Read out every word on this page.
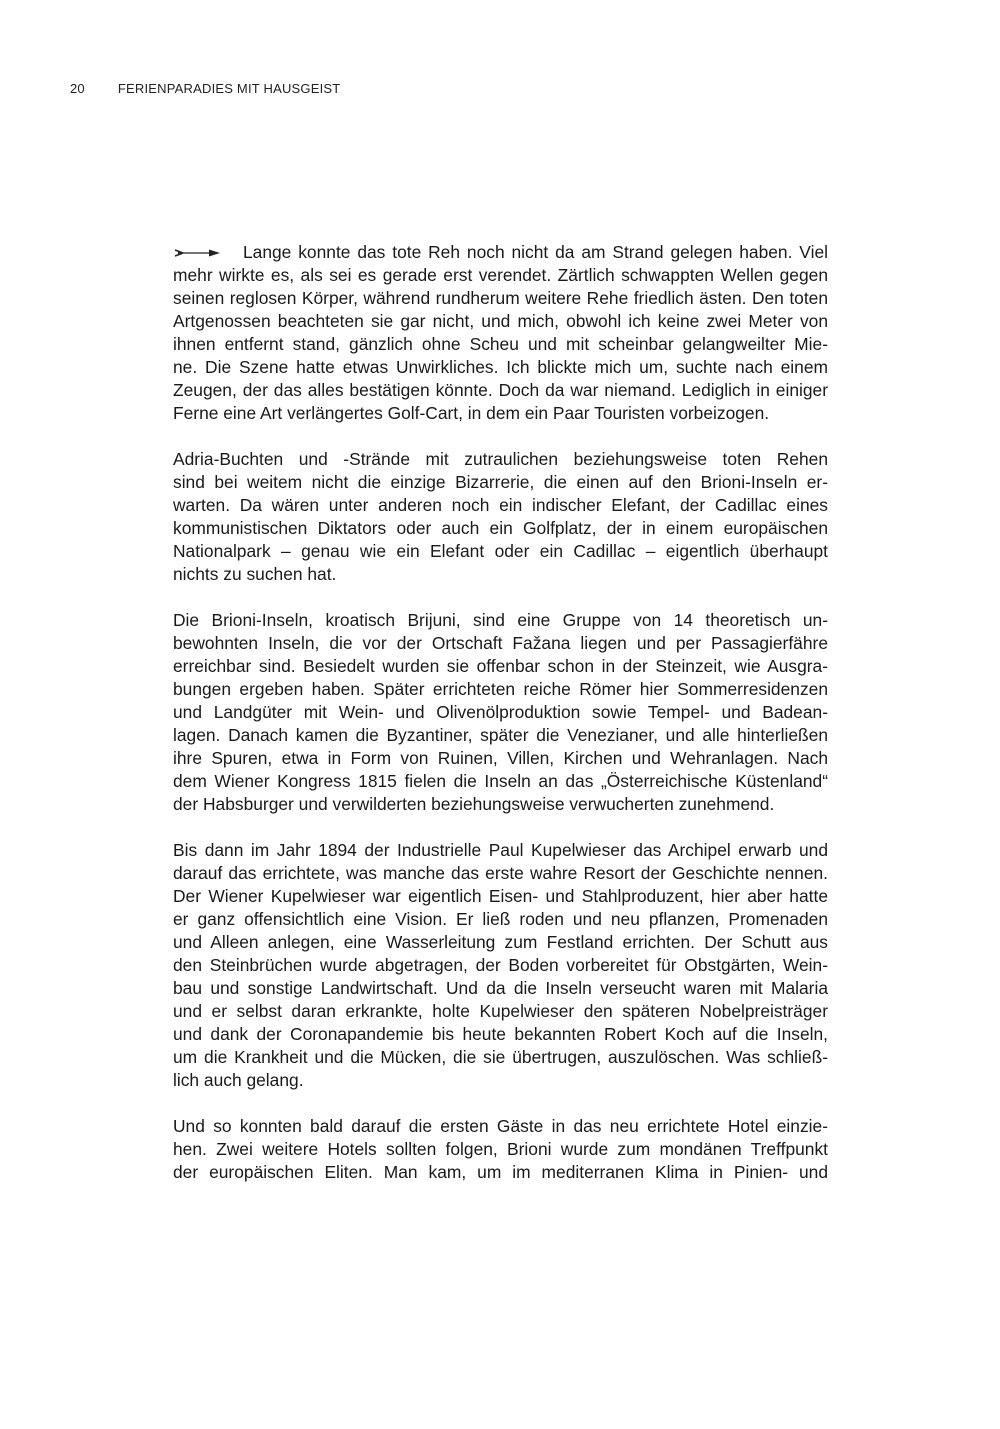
20	FERIENPARADIES MIT HAUSGEIST
Lange konnte das tote Reh noch nicht da am Strand gelegen haben. Viel
mehr wirkte es, als sei es gerade erst verendet. Zärtlich schwappten Wellen gegen
seinen reglosen Körper, während rundherum weitere Rehe friedlich ästen. Den toten
Artgenossen beachteten sie gar nicht, und mich, obwohl ich keine zwei Meter von
ihnen entfernt stand, gänzlich ohne Scheu und mit scheinbar gelangweilter Mie-
ne. Die Szene hatte etwas Unwirkliches. Ich blickte mich um, suchte nach einem
Zeugen, der das alles bestätigen könnte. Doch da war niemand. Lediglich in einiger
Ferne eine Art verlängertes Golf-Cart, in dem ein Paar Touristen vorbeizogen.
Adria-Buchten und -Strände mit zutraulichen beziehungsweise toten Rehen
sind bei weitem nicht die einzige Bizarrerie, die einen auf den Brioni-Inseln er-
warten. Da wären unter anderen noch ein indischer Elefant, der Cadillac eines
kommunistischen Diktators oder auch ein Golfplatz, der in einem europäischen
Nationalpark – genau wie ein Elefant oder ein Cadillac – eigentlich überhaupt
nichts zu suchen hat.
Die Brioni-Inseln, kroatisch Brijuni, sind eine Gruppe von 14 theoretisch un-
bewohnten Inseln, die vor der Ortschaft Fažana liegen und per Passagierfähre
erreichbar sind. Besiedelt wurden sie offenbar schon in der Steinzeit, wie Ausgra-
bungen ergeben haben. Später errichteten reiche Römer hier Sommerresidenzen
und Landgüter mit Wein- und Olivenölproduktion sowie Tempel- und Badean-
lagen. Danach kamen die Byzantiner, später die Venezianer, und alle hinterließen
ihre Spuren, etwa in Form von Ruinen, Villen, Kirchen und Wehranlagen. Nach
dem Wiener Kongress 1815 fielen die Inseln an das „Österreichische Küstenland“
der Habsburger und verwilderten beziehungsweise verwucherten zunehmend.
Bis dann im Jahr 1894 der Industrielle Paul Kupelwieser das Archipel erwarb und
darauf das errichtete, was manche das erste wahre Resort der Geschichte nennen.
Der Wiener Kupelwieser war eigentlich Eisen- und Stahlproduzent, hier aber hatte
er ganz offensichtlich eine Vision. Er ließ roden und neu pflanzen, Promenaden
und Alleen anlegen, eine Wasserleitung zum Festland errichten. Der Schutt aus
den Steinbrüchen wurde abgetragen, der Boden vorbereitet für Obstgärten, Wein-
bau und sonstige Landwirtschaft. Und da die Inseln verseucht waren mit Malaria
und er selbst daran erkrankte, holte Kupelwieser den späteren Nobelpreisträger
und dank der Coronapandemie bis heute bekannten Robert Koch auf die Inseln,
um die Krankheit und die Mücken, die sie übertrugen, auszulöschen. Was schließ-
lich auch gelang.
Und so konnten bald darauf die ersten Gäste in das neu errichtete Hotel einzie-
hen. Zwei weitere Hotels sollten folgen, Brioni wurde zum mondänen Treffpunkt
der europäischen Eliten. Man kam, um im mediterranen Klima in Pinien- und
